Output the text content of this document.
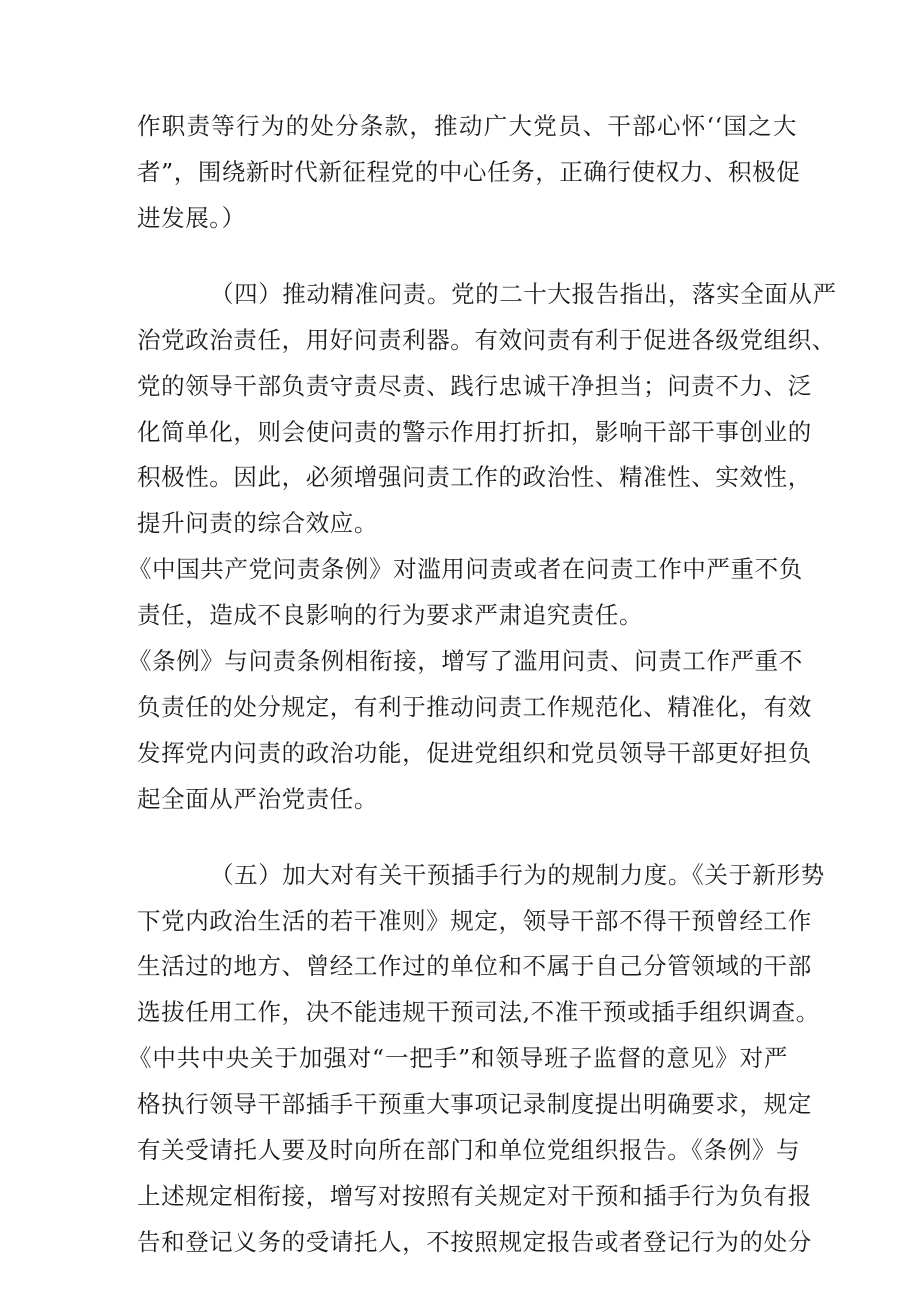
作职责等行为的处分条款，推动广大党员、干部心怀‘‘国之大
者”，围绕新时代新征程党的中心任务，正确行使权力、积极促
进发展。）
（四）推动精准问责。党的二十大报告指出，落实全面从严
治党政治责任，用好问责利器。有效问责有利于促进各级党组织、
党的领导干部负责守责尽责、践行忠诚干净担当；问责不力、泛
化简单化，则会使问责的警示作用打折扣，影响干部干事创业的
积极性。因此，必须增强问责工作的政治性、精准性、实效性，
提升问责的综合效应。
《中国共产党问责条例》对滥用问责或者在问责工作中严重不负
责任，造成不良影响的行为要求严肃追究责任。
《条例》与问责条例相衔接，增写了滥用问责、问责工作严重不
负责任的处分规定，有利于推动问责工作规范化、精准化，有效
发挥党内问责的政治功能，促进党组织和党员领导干部更好担负
起全面从严治党责任。
（五）加大对有关干预插手行为的规制力度。《关于新形势
下党内政治生活的若干准则》规定，领导干部不得干预曾经工作
生活过的地方、曾经工作过的单位和不属于自己分管领域的干部
选拔任用工作，决不能违规干预司法,不准干预或插手组织调查。
《中共中央关于加强对“一把手”和领导班子监督的意见》对严
格执行领导干部插手干预重大事项记录制度提出明确要求，规定
有关受请托人要及时向所在部门和单位党组织报告。《条例》与
上述规定相衔接，增写对按照有关规定对干预和插手行为负有报
告和登记义务的受请托人，不按照规定报告或者登记行为的处分
